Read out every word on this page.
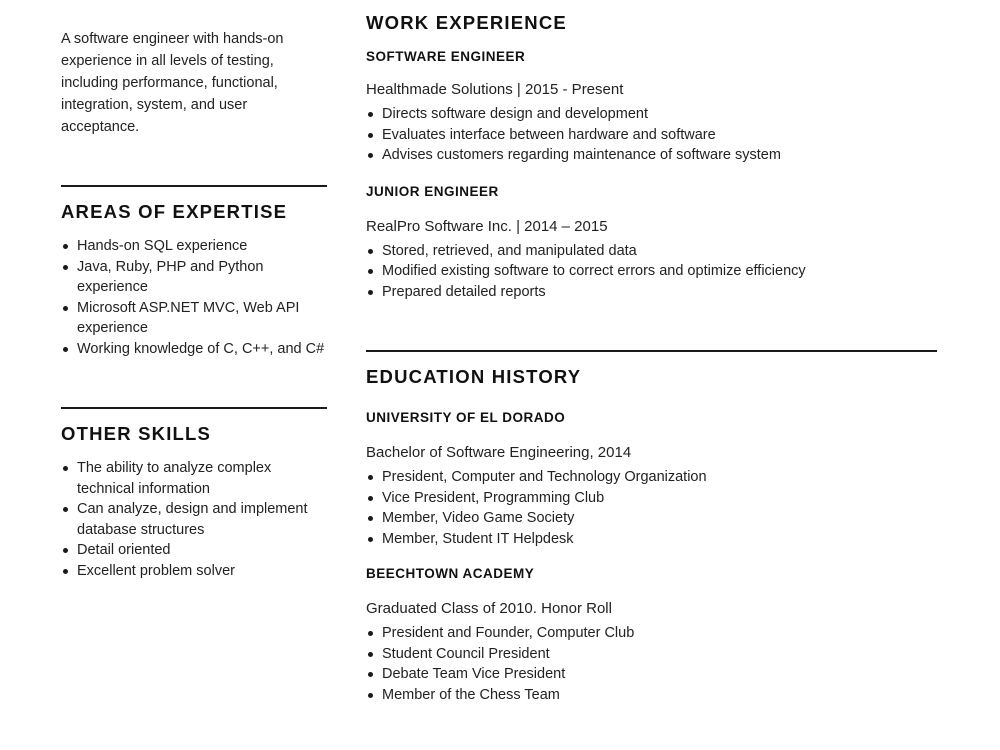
A software engineer with hands-on experience in all levels of testing, including performance, functional, integration, system, and user acceptance.

AREAS OF EXPERTISE
Hands-on SQL experience
Java, Ruby, PHP and Python experience
Microsoft ASP.NET MVC, Web API experience
Working knowledge of C, C++, and C#
OTHER SKILLS
The ability to analyze complex technical information
Can analyze, design and implement database structures
Detail oriented
Excellent problem solver
WORK EXPERIENCE

SOFTWARE ENGINEER

Healthmade Solutions | 2015 - Present

Directs software design and development
Evaluates interface between hardware and software
Advises customers regarding maintenance of software system

JUNIOR ENGINEER

RealPro Software Inc. | 2014 – 2015

Stored, retrieved, and manipulated data
Modified existing software to correct errors and optimize efficiency
Prepared detailed reports
EDUCATION HISTORY

UNIVERSITY OF EL DORADO

Bachelor of Software Engineering, 2014

President, Computer and Technology Organization
Vice President, Programming Club
Member, Video Game Society
Member, Student IT Helpdesk

BEECHTOWN ACADEMY

Graduated Class of 2010. Honor Roll

President and Founder, Computer Club
Student Council President
Debate Team Vice President
Member of the Chess Team
